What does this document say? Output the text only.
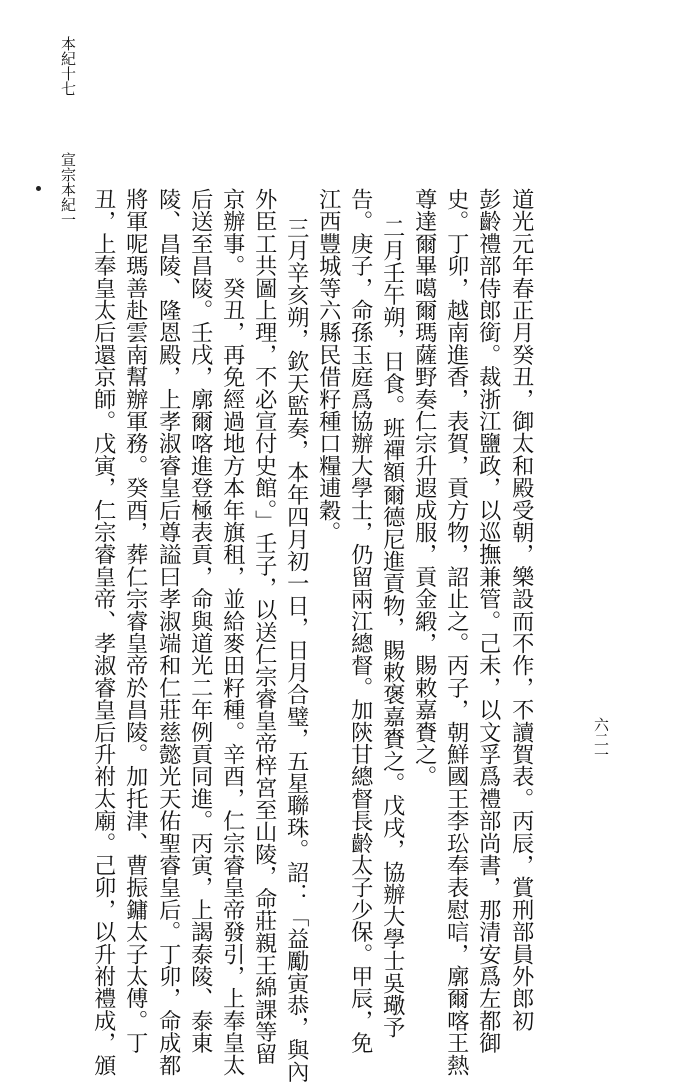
道光元年春正月癸丑，御太和殿受朝，樂設而不作，不讀賀表。丙辰，賞刑部員外郎初
彭齡禮部侍郎銜。裁浙江鹽政，以巡撫兼管。己未，以文孚爲禮部尚書，那清安爲左都御
史。丁卯，越南進香，表賀，貢方物，詔止之。丙子，朝鮮國王李玜奉表慰唁，廓爾喀王熱
尊達爾畢噶爾瑪薩野奏仁宗升遐成服，貢金緞，賜敕嘉賚之。
二月壬午朔，日食。班禪額爾德尼進貢物，賜敕褒嘉賚之。戊戌，協辦大學士吳璥予
告。庚子，命孫玉庭爲協辦大學士，仍留兩江總督。加陝甘總督長齡太子少保。甲辰，免
江西豐城等六縣民借籽種口糧逋穀。
三月辛亥朔，欽天監奏，本年四月初一日，日月合璧，五星聯珠。詔：「益勵寅恭，與內
外臣工共圖上理，不必宣付史館。」壬子，以送仁宗睿皇帝梓宮至山陵，命莊親王綿課等留
京辦事。癸丑，再免經過地方本年旗租，並給麥田籽種。辛酉，仁宗睿皇帝發引，上奉皇太
后送至昌陵。壬戌，廓爾喀進登極表貢，命與道光二年例貢同進。丙寅，上謁泰陵、泰東
陵、昌陵、隆恩殿，上孝淑睿皇后尊謚曰孝淑端和仁莊慈懿光天佑聖睿皇后。丁卯，命成都
將軍呢瑪善赴雲南幫辦軍務。癸酉，葬仁宗睿皇帝於昌陵。加托津、曹振鏞太子太傅。丁
丑，上奉皇太后還京師。戊寅，仁宗睿皇帝、孝淑睿皇后升祔太廟。己卯，以升祔禮成，頒
本紀十七
宣宗本紀一
六二一
